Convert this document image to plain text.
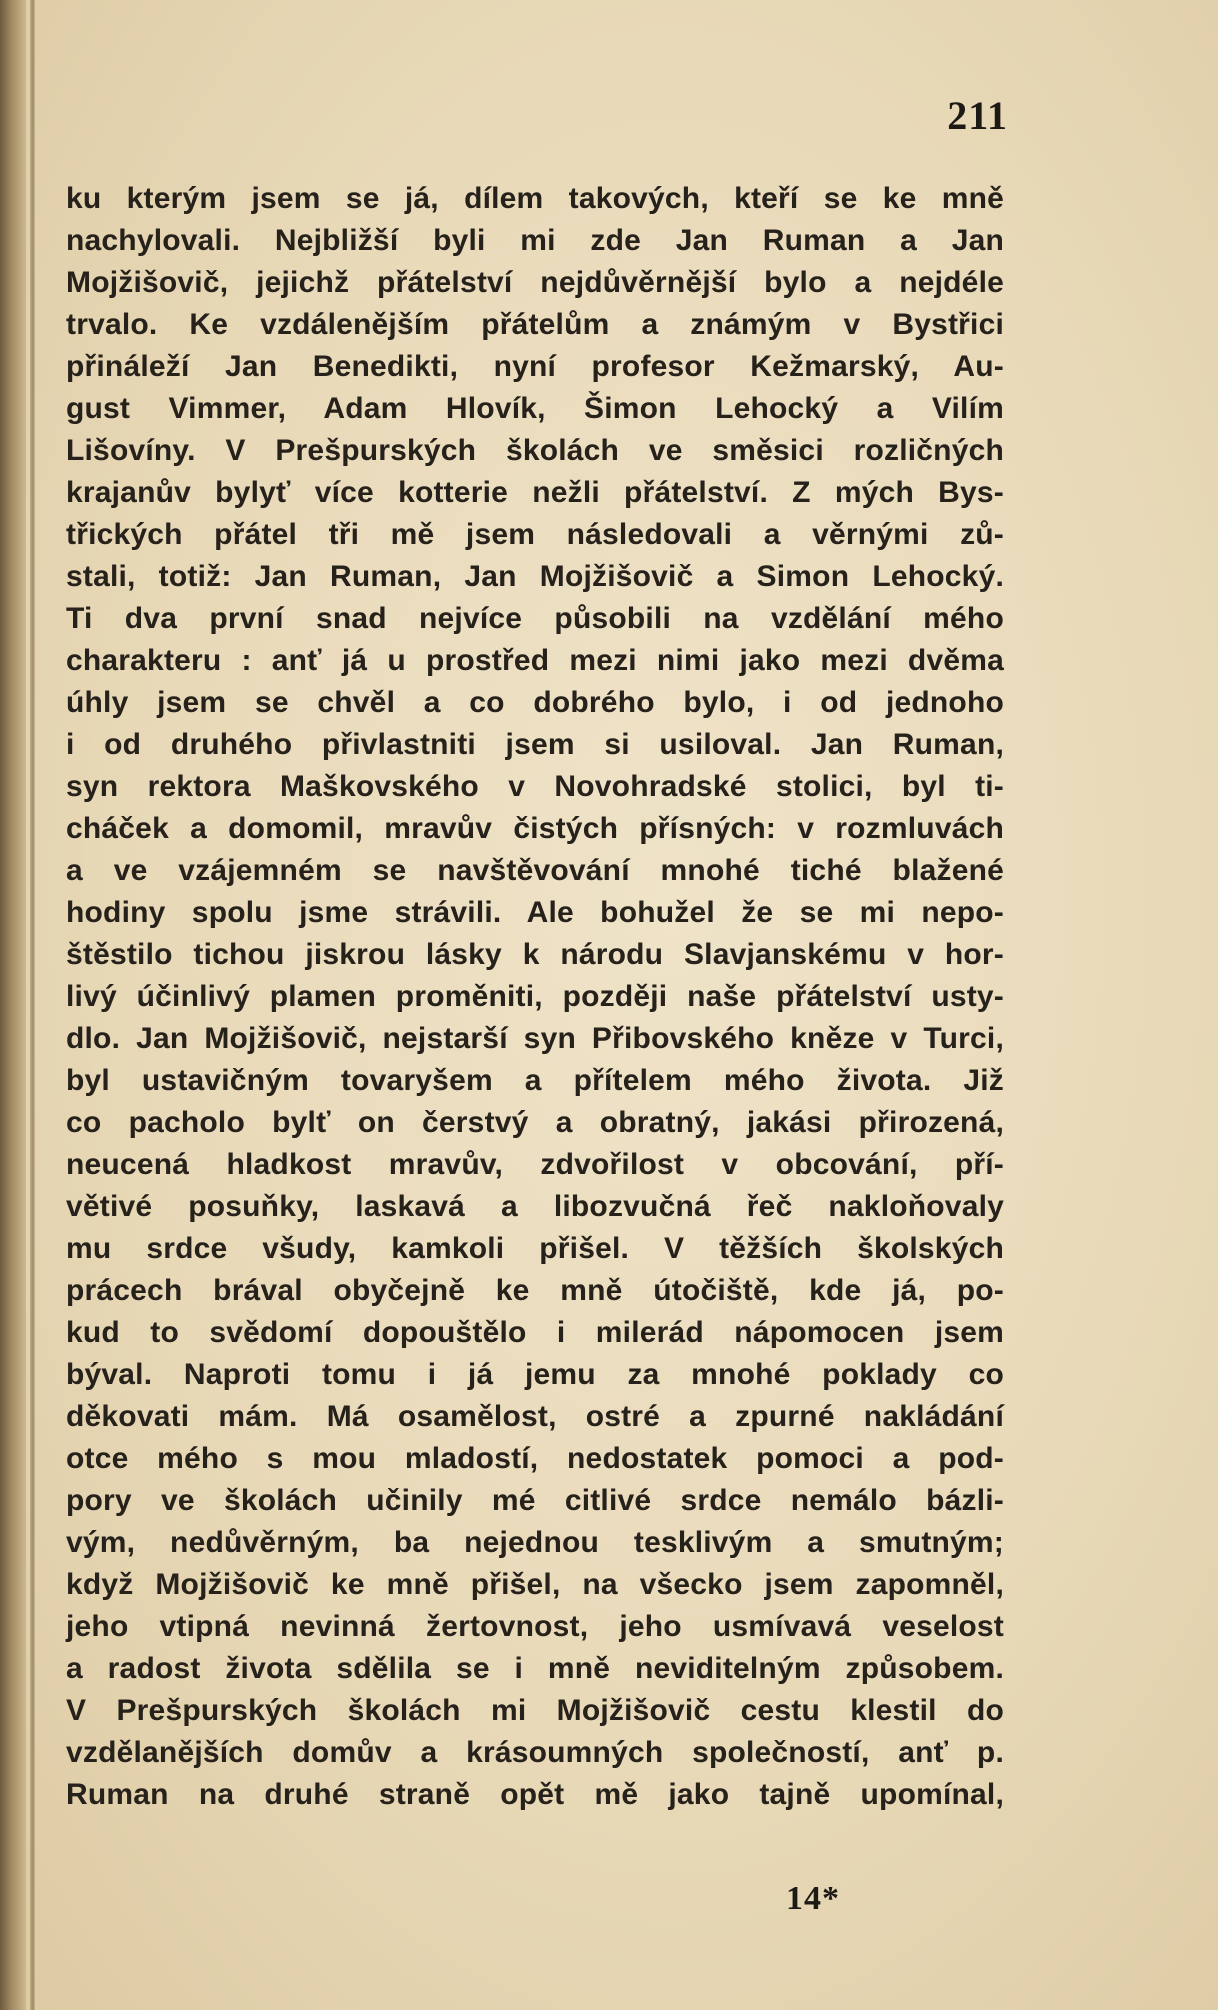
211
ku kterým jsem se já, dílem takových, kteří se ke mně
nachylovali. Nejbližší byli mi zde Jan Ruman a Jan
Mojžišovič, jejichž přátelství nejdůvěrnější bylo a nejdéle
trvalo. Ke vzdálenějším přátelům a známým v Bystřici
přináleží Jan Benedikti, nyní profesor Kežmarský, Au-
gust Vimmer, Adam Hlovík, Šimon Lehocký a Vilím
Lišovíny. V Prešpurských školách ve směsici rozličných
krajanův bylyť více kotterie nežli přátelství. Z mých Bys-
třických přátel tři mě jsem následovali a věrnými zů-
stali, totiž: Jan Ruman, Jan Mojžišovič a Simon Lehocký.
Ti dva první snad nejvíce působili na vzdělání mého
charakteru : anť já u prostřed mezi nimi jako mezi dvěma
úhly jsem se chvěl a co dobrého bylo, i od jednoho
i od druhého přivlastniti jsem si usiloval. Jan Ruman,
syn rektora Maškovského v Novohradské stolici, byl ti-
cháček a domomil, mravův čistých přísných: v rozmluvách
a ve vzájemném se navštěvování mnohé tiché blažené
hodiny spolu jsme strávili. Ale bohužel že se mi nepo-
štěstilo tichou jiskrou lásky k národu Slavjanskému v hor-
livý účinlivý plamen proměniti, později naše přátelství usty-
dlo. Jan Mojžišovič, nejstarší syn Přibovského kněze v Turci,
byl ustavičným tovaryšem a přítelem mého života. Již
co pacholo bylť on čerstvý a obratný, jakási přirozená,
neucená hladkost mravův, zdvořilost v obcování, pří-
větivé posuňky, laskavá a libozvučná řeč nakloňovaly
mu srdce všudy, kamkoli přišel. V těžších školských
prácech brával obyčejně ke mně útočiště, kde já, po-
kud to svědomí dopouštělo i milerád nápomocen jsem
býval. Naproti tomu i já jemu za mnohé poklady co
děkovati mám. Má osamělost, ostré a zpurné nakládání
otce mého s mou mladostí, nedostatek pomoci a pod-
pory ve školách učinily mé citlivé srdce nemálo bázli-
vým, nedůvěrným, ba nejednou tesklivým a smutným;
když Mojžišovič ke mně přišel, na všecko jsem zapomněl,
jeho vtipná nevinná žertovnost, jeho usmívavá veselost
a radost života sdělila se i mně neviditelným způsobem.
V Prešpurských školách mi Mojžišovič cestu klestil do
vzdělanějších domův a krásoumných společností, anť p.
Ruman na druhé straně opět mě jako tajně upomínal,
14*
